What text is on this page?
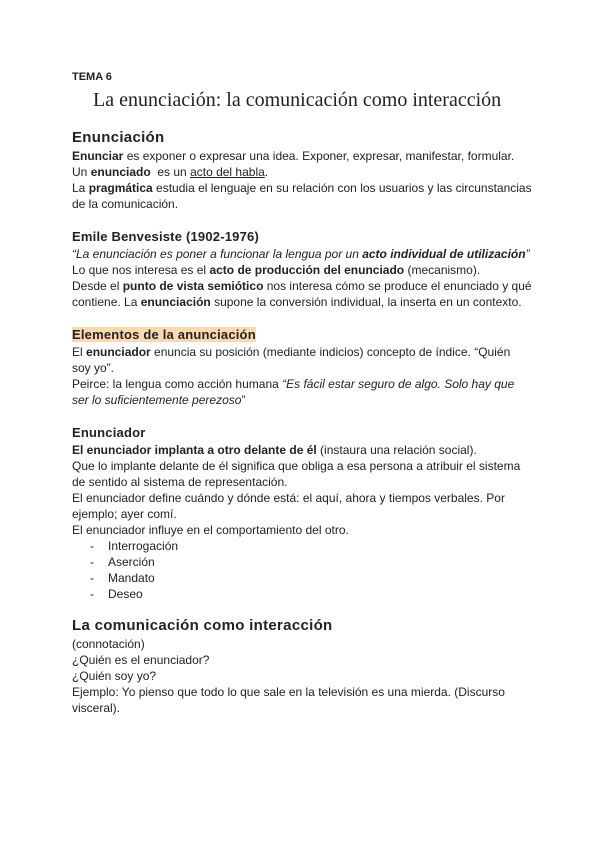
TEMA 6

La enunciación: la comunicación como interacción
Enunciación

Enunciar es exponer o expresar una idea. Exponer, expresar, manifestar, formular.

Un enunciado  es un acto del habla.

La pragmática estudia el lenguaje en su relación con los usuarios y las circunstancias de la comunicación.

Emile Benvesiste (1902-1976)

“La enunciación es poner a funcionar la lengua por un acto individual de utilización”

Lo que nos interesa es el acto de producción del enunciado (mecanismo).

Desde el punto de vista semiótico nos interesa cómo se produce el enunciado y qué contiene. La enunciación supone la conversión individual, la inserta en un contexto.

Elementos de la anunciación

El enunciador enuncia su posición (mediante indicios) concepto de índice. “Quién soy yo”.

Peirce: la lengua como acción humana “Es fácil estar seguro de algo. Solo hay que ser lo suficientemente perezoso”

Enunciador

El enunciador implanta a otro delante de él (instaura una relación social).

Que lo implante delante de él significa que obliga a esa persona a atribuir el sistema de sentido al sistema de representación.

El enunciador define cuándo y dónde está: el aquí, ahora y tiempos verbales. Por ejemplo; ayer comí.

El enunciador influye en el comportamiento del otro.

- Interrogación
- Aserción
- Mandato
- Deseo
La comunicación como interacción

(connotación)

¿Quién es el enunciador?

¿Quién soy yo?

Ejemplo: Yo pienso que todo lo que sale en la televisión es una mierda. (Discurso visceral).
